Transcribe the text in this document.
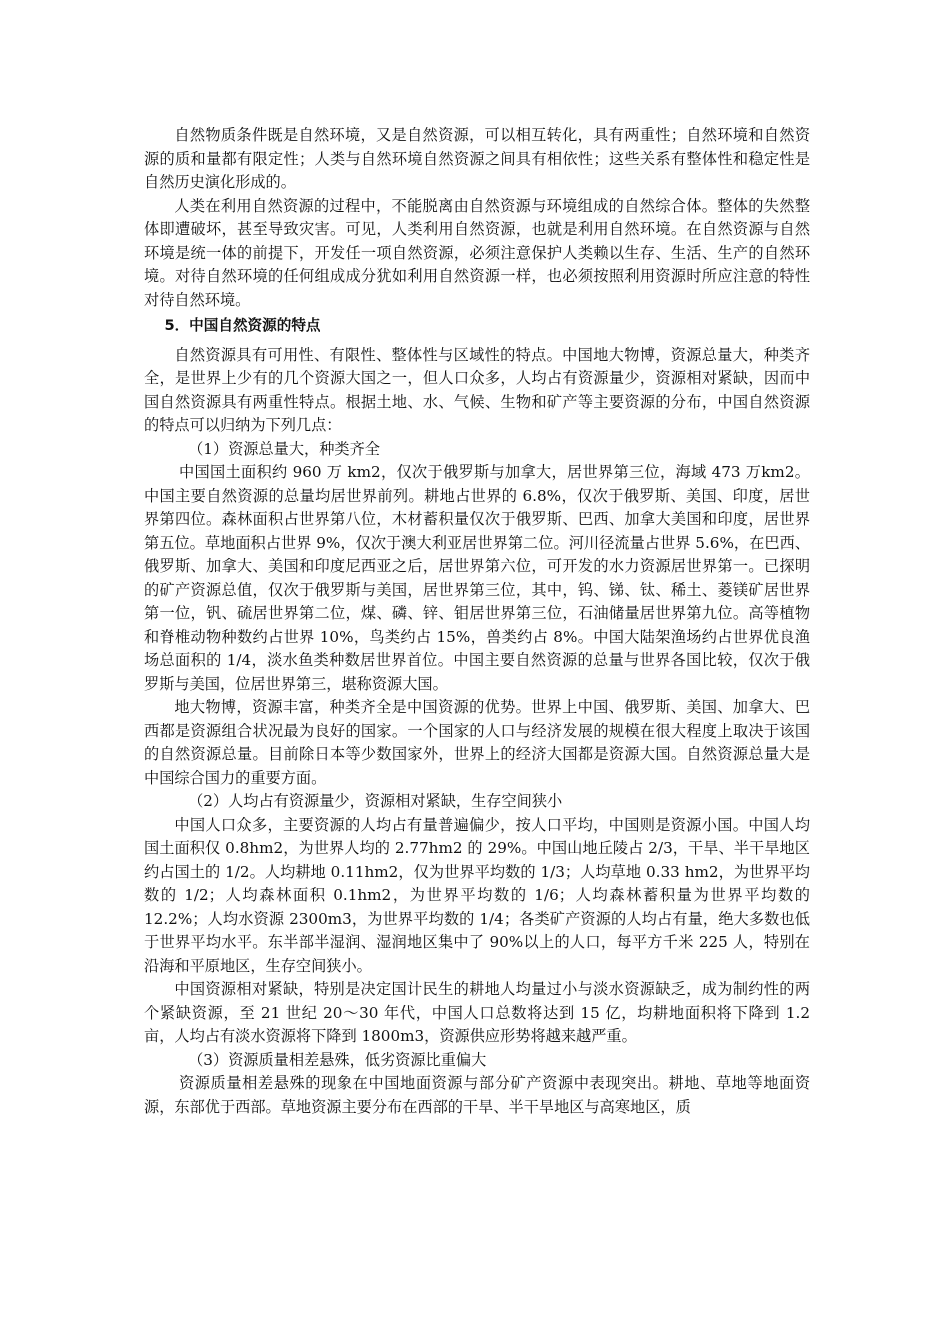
自然物质条件既是自然环境，又是自然资源，可以相互转化，具有两重性；自然环境和自然资源的质和量都有限定性；人类与自然环境自然资源之间具有相依性；这些关系有整体性和稳定性是自然历史演化形成的。

人类在利用自然资源的过程中，不能脱离由自然资源与环境组成的自然综合体。整体的失然整体即遭破坏，甚至导致灾害。可见，人类利用自然资源，也就是利用自然环境。在自然资源与自然环境是统一体的前提下，开发任一项自然资源，必须注意保护人类赖以生存、生活、生产的自然环境。对待自然环境的任何组成成分犹如利用自然资源一样，也必须按照利用资源时所应注意的特性对待自然环境。

5．中国自然资源的特点

自然资源具有可用性、有限性、整体性与区域性的特点。中国地大物博，资源总量大，种类齐全，是世界上少有的几个资源大国之一，但人口众多，人均占有资源量少，资源相对紧缺，因而中国自然资源具有两重性特点。根据土地、水、气候、生物和矿产等主要资源的分布，中国自然资源的特点可以归纳为下列几点：

（1）资源总量大，种类齐全

中国国土面积约 960 万 km2，仅次于俄罗斯与加拿大，居世界第三位，海域 473 万km2。中国主要自然资源的总量均居世界前列。耕地占世界的 6.8%，仅次于俄罗斯、美国、印度，居世界第四位。森林面积占世界第八位，木材蓄积量仅次于俄罗斯、巴西、加拿大美国和印度，居世界第五位。草地面积占世界 9%，仅次于澳大利亚居世界第二位。河川径流量占世界 5.6%，在巴西、俄罗斯、加拿大、美国和印度尼西亚之后，居世界第六位，可开发的水力资源居世界第一。已探明的矿产资源总值，仅次于俄罗斯与美国，居世界第三位，其中，钨、锑、钛、稀土、菱镁矿居世界第一位，钒、硫居世界第二位，煤、磷、锌、钼居世界第三位，石油储量居世界第九位。高等植物和脊椎动物种数约占世界 10%，鸟类约占 15%，兽类约占 8%。中国大陆架渔场约占世界优良渔场总面积的 1/4，淡水鱼类种数居世界首位。中国主要自然资源的总量与世界各国比较，仅次于俄罗斯与美国，位居世界第三，堪称资源大国。

地大物博，资源丰富，种类齐全是中国资源的优势。世界上中国、俄罗斯、美国、加拿大、巴西都是资源组合状况最为良好的国家。一个国家的人口与经济发展的规模在很大程度上取决于该国的自然资源总量。目前除日本等少数国家外，世界上的经济大国都是资源大国。自然资源总量大是中国综合国力的重要方面。

（2）人均占有资源量少，资源相对紧缺，生存空间狭小

中国人口众多，主要资源的人均占有量普遍偏少，按人口平均，中国则是资源小国。中国人均国土面积仅 0.8hm2，为世界人均的 2.77hm2 的 29%。中国山地丘陵占 2/3，干旱、半干旱地区约占国土的 1/2。人均耕地 0.11hm2，仅为世界平均数的 1/3；人均草地 0.33 hm2，为世界平均数的 1/2；人均森林面积 0.1hm2，为世界平均数的 1/6；人均森林蓄积量为世界平均数的 12.2%；人均水资源 2300m3，为世界平均数的 1/4；各类矿产资源的人均占有量，绝大多数也低于世界平均水平。东半部半湿润、湿润地区集中了 90%以上的人口，每平方千米 225 人，特别在沿海和平原地区，生存空间狭小。

中国资源相对紧缺，特别是决定国计民生的耕地人均量过小与淡水资源缺乏，成为制约性的两个紧缺资源，至 21 世纪 20～30 年代，中国人口总数将达到 15 亿，均耕地面积将下降到 1.2 亩，人均占有淡水资源将下降到 1800m3，资源供应形势将越来越严重。

（3）资源质量相差悬殊，低劣资源比重偏大

资源质量相差悬殊的现象在中国地面资源与部分矿产资源中表现突出。耕地、草地等地面资源，东部优于西部。草地资源主要分布在西部的干旱、半干旱地区与高寒地区，质
